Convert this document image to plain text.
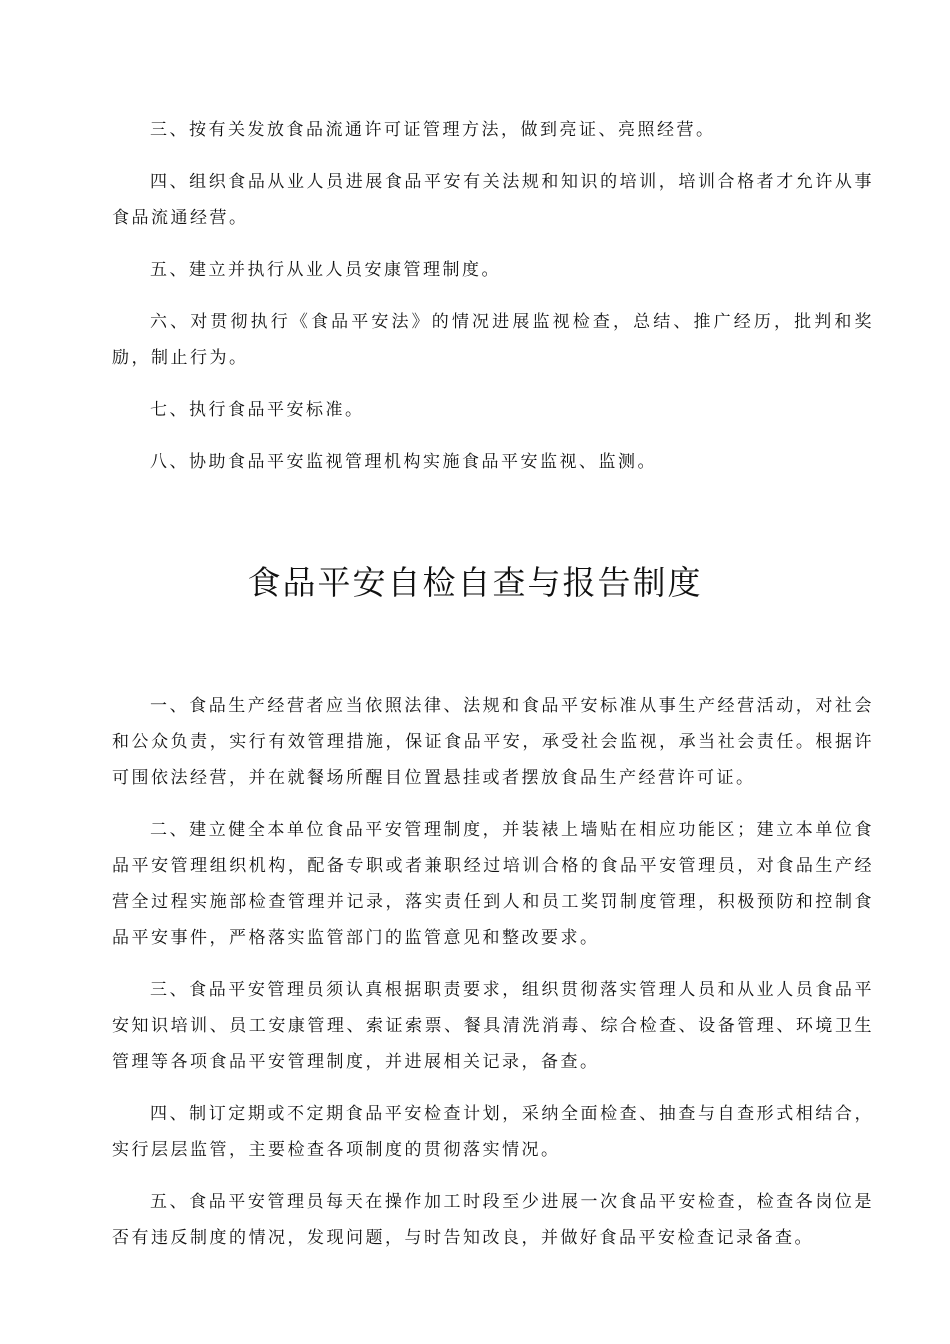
三、按有关发放食品流通许可证管理方法，做到亮证、亮照经营。

四、组织食品从业人员进展食品平安有关法规和知识的培训，培训合格者才允许从事食品流通经营。

五、建立并执行从业人员安康管理制度。

六、对贯彻执行《食品平安法》的情况进展监视检查，总结、推广经历，批判和奖励，制止行为。

七、执行食品平安标准。

八、协助食品平安监视管理机构实施食品平安监视、监测。

食品平安自检自查与报告制度

一、食品生产经营者应当依照法律、法规和食品平安标准从事生产经营活动，对社会和公众负责，实行有效管理措施，保证食品平安，承受社会监视，承当社会责任。根据许可围依法经营，并在就餐场所醒目位置悬挂或者摆放食品生产经营许可证。

二、建立健全本单位食品平安管理制度，并装裱上墙贴在相应功能区；建立本单位食品平安管理组织机构，配备专职或者兼职经过培训合格的食品平安管理员，对食品生产经营全过程实施部检查管理并记录，落实责任到人和员工奖罚制度管理，积极预防和控制食品平安事件，严格落实监管部门的监管意见和整改要求。

三、食品平安管理员须认真根据职责要求，组织贯彻落实管理人员和从业人员食品平安知识培训、员工安康管理、索证索票、餐具清洗消毒、综合检查、设备管理、环境卫生管理等各项食品平安管理制度，并进展相关记录，备查。

四、制订定期或不定期食品平安检查计划，采纳全面检查、抽查与自查形式相结合，实行层层监管，主要检查各项制度的贯彻落实情况。

五、食品平安管理员每天在操作加工时段至少进展一次食品平安检查，检查各岗位是否有违反制度的情况，发现问题，与时告知改良，并做好食品平安检查记录备查。
